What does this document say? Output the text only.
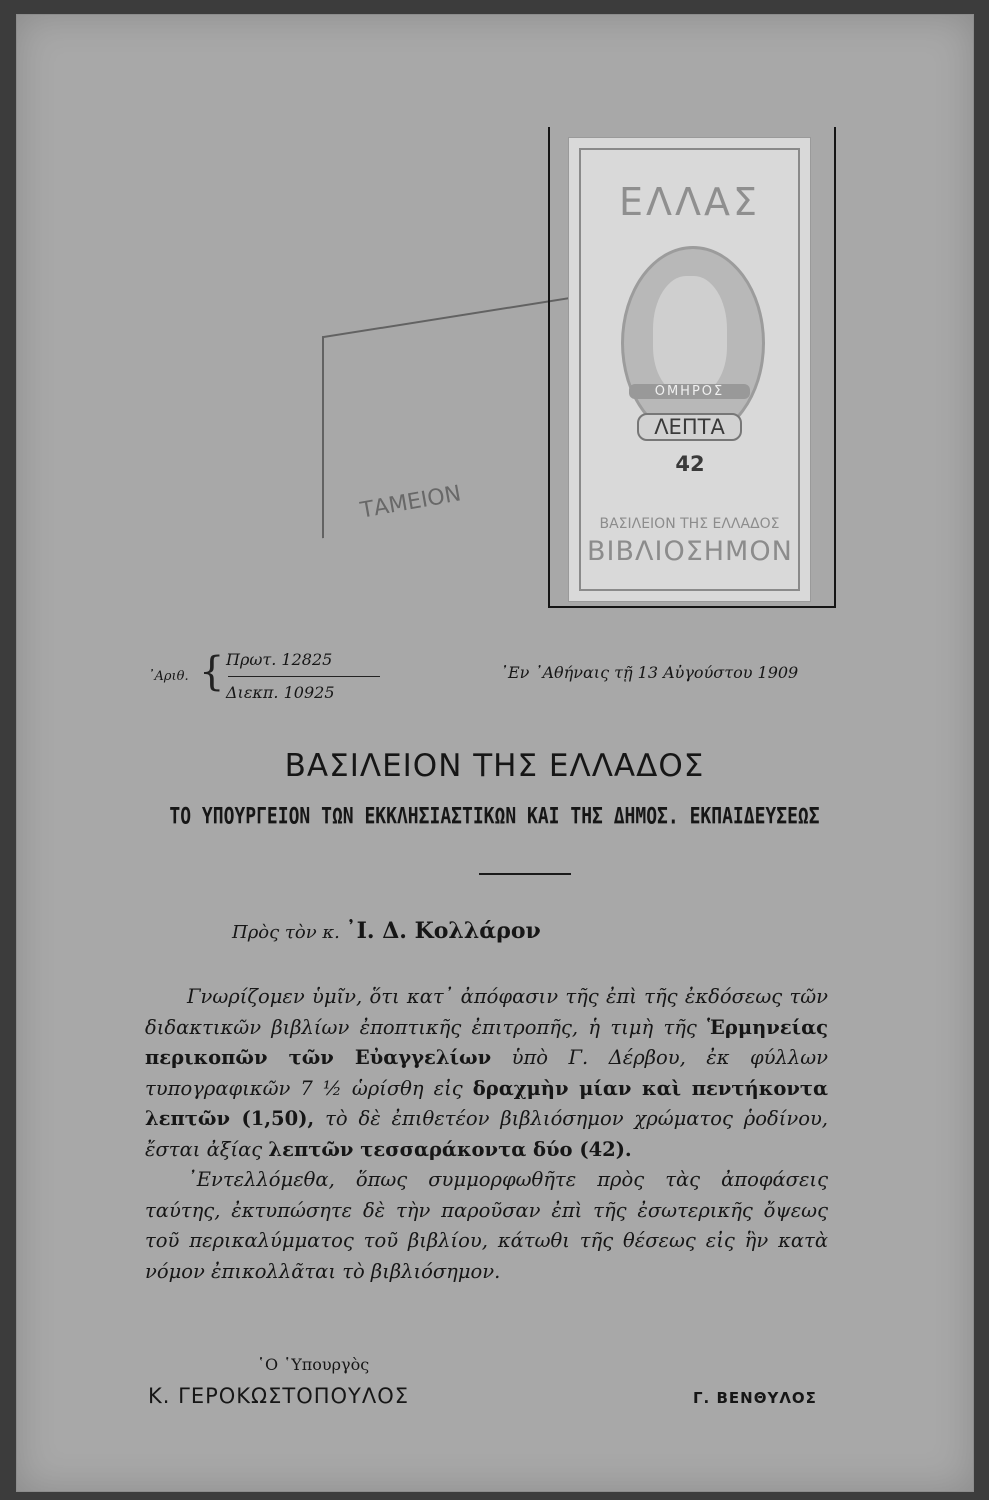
ΤΑΜΕΙΟΝ
ΕΛΛΑΣ
ΟΜΗΡΟΣ
ΛΕΠΤΑ
42
ΒΑΣΙΛΕΙΟΝ ΤΗΣ ΕΛΛΑΔΟΣ
ΒΙΒΛΙΟΣΗΜΟΝ
᾿Αριθ. { Πρωτ. 12825
Διεκπ. 10925
᾿Εν ᾿Αθήναις τῇ 13 Αὐγούστου 1909
ΒΑΣΙΛΕΙΟΝ ΤΗΣ ΕΛΛΑΔΟΣ
ΤΟ ΥΠΟΥΡΓΕΙΟΝ ΤΩΝ ΕΚΚΛΗΣΙΑΣΤΙΚΩΝ ΚΑΙ ΤΗΣ ΔΗΜΟΣ. ΕΚΠΑΙΔΕΥΣΕΩΣ
Πρὸς τὸν κ. ᾿Ι. Δ. Κολλάρον

Γνωρίζομεν ὑμῖν, ὅτι κατ᾿ ἀπόφασιν τῆς ἐπὶ τῆς ἐκδόσεως τῶν διδακτικῶν βιβλίων ἐποπτικῆς ἐπιτροπῆς, ἡ τιμὴ τῆς Ἑρμηνείας περικοπῶν τῶν Εὐαγγελίων ὑπὸ Γ. Δέρβου, ἐκ φύλλων τυπογραφικῶν 7 ½ ὡρίσθη εἰς δραχμὴν μίαν καὶ πεντήκοντα λεπτῶν (1,50), τὸ δὲ ἐπιθετέον βιβλιόσημον χρώματος ῥοδίνου, ἔσται ἀξίας λεπτῶν τεσσαράκοντα δύο (42).

᾿Εντελλόμεθα, ὅπως συμμορφωθῆτε πρὸς τὰς ἀποφάσεις ταύτης, ἐκτυπώσητε δὲ τὴν παροῦσαν ἐπὶ τῆς ἐσωτερικῆς ὄψεως τοῦ περικαλύμματος τοῦ βιβλίου, κάτωθι τῆς θέσεως εἰς ἣν κατὰ νόμον ἐπικολλᾶται τὸ βιβλιόσημον.

῾Ο ῾Υπουργὸς
Κ. ΓΕΡΟΚΩΣΤΟΠΟΥΛΟΣ	Γ. ΒΕΝΘΥΛΟΣ
